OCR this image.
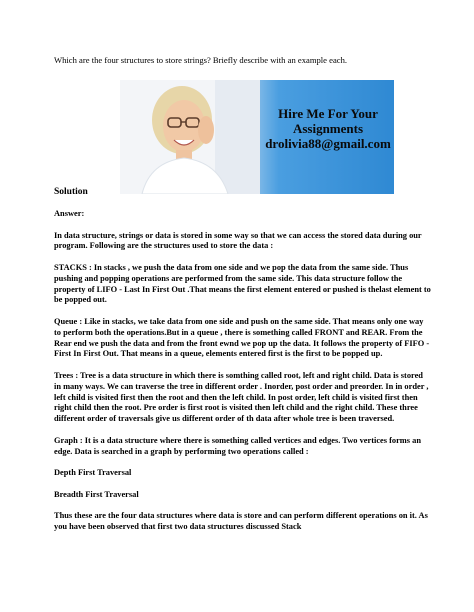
Which are the four structures to store strings? Briefly describe with an example each.
Hire Me For Your
Assignments
drolivia88@gmail.com
Solution

Answer:

In data structure, strings or data is stored in some way so that we can access the stored data during our program. Following are the structures used to store the data :

STACKS : In stacks , we push the data from one side and we pop the data from the same side. Thus pushing and popping operations are performed from the same side. This data structure follow the property of LIFO - Last In First Out .That means the first element entered or pushed is thelast element to be popped out.

Queue : Like in stacks, we take data from one side and push on the same side. That means only one way to perform both the operations.But in a queue , there is something called FRONT and REAR. From the Rear end we push the data and from the front ewnd we pop up the data. It follows the property of FIFO - First In First Out. That means in a queue, elements entered first is the first to be popped up.

Trees : Tree is a data structure in which there is somthing called root, left and right child. Data is stored in many ways. We can traverse the tree in different order . Inorder, post order and preorder. In in order , left child is visited first then the root and then the left child. In post order, left child is visited first then right child then the root. Pre order is first root is visited then left child and the right child. These three different order of traversals give us different order of th data after whole tree is been traversed.

Graph : It is a data structure where there is something called vertices and edges. Two vertices forms an edge. Data is searched in a graph by performing two operations called :

Depth First Traversal

Breadth First Traversal

Thus these are the four data structures where data is store and can perform different operations on it. As you have been observed that first two data structures discussed Stack
